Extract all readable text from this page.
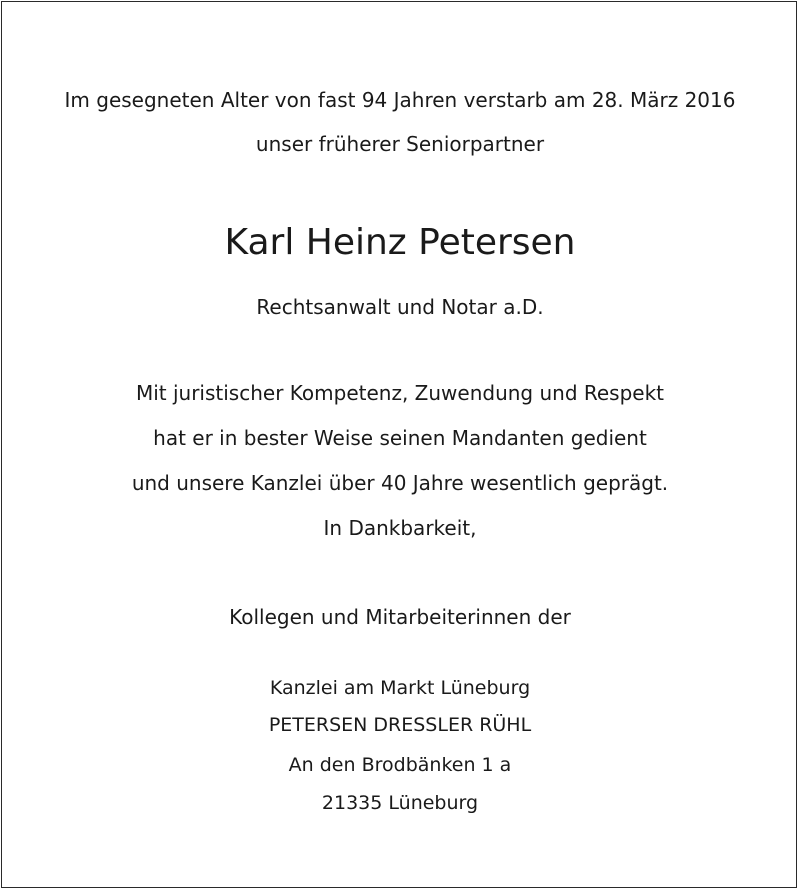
Im gesegneten Alter von fast 94 Jahren verstarb am 28. März 2016
unser früherer Seniorpartner
Karl Heinz Petersen
Rechtsanwalt und Notar a.D.
Mit juristischer Kompetenz, Zuwendung und Respekt
hat er in bester Weise seinen Mandanten gedient
und unsere Kanzlei über 40 Jahre wesentlich geprägt.
In Dankbarkeit,
Kollegen und Mitarbeiterinnen der
Kanzlei am Markt Lüneburg
PETERSEN DRESSLER RÜHL
An den Brodbänken 1 a
21335 Lüneburg
